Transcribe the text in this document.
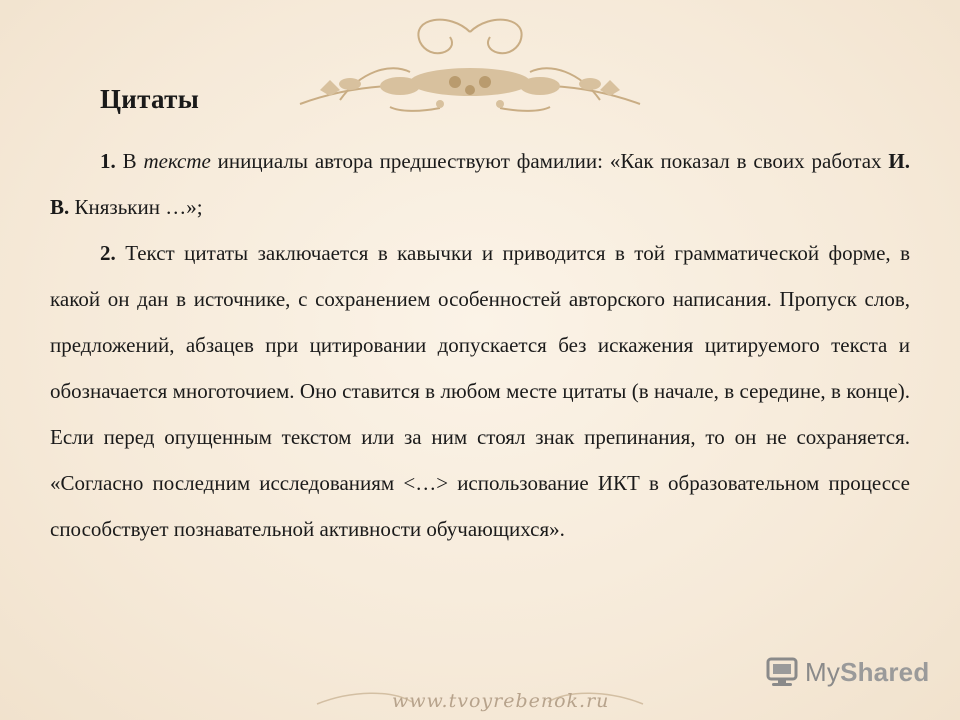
Цитаты

1. В тексте инициалы автора предшествуют фамилии: «Как показал в своих работах И. В. Князькин …»;

2. Текст цитаты заключается в кавычки и приводится в той грамматической форме, в какой он дан в источнике, с сохранением особенностей авторского написания. Пропуск слов, предложений, абзацев при цитировании допускается без искажения цитируемого текста и обозначается многоточием. Оно ставится в любом месте цитаты (в начале, в середине, в конце). Если перед опущенным текстом или за ним стоял знак препинания, то он не сохраняется. «Согласно последним исследованиям <…> использование ИКТ в образовательном процессе способствует познавательной активности обучающихся».

www.tvoyrebenok.ru
MyShared
